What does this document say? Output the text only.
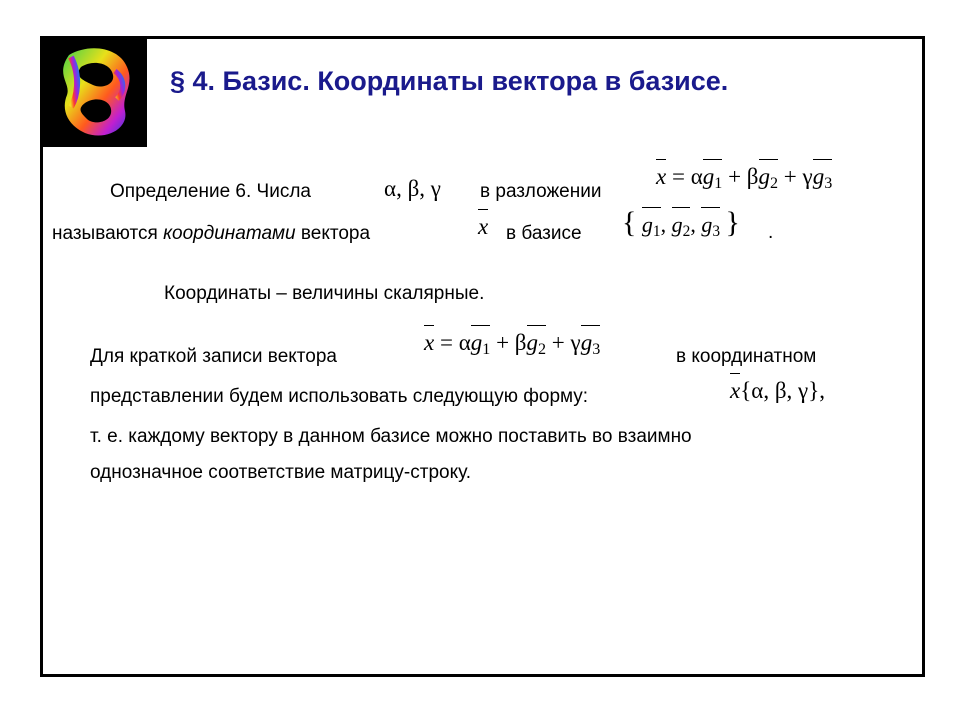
§ 4. Базис. Координаты вектора в базисе.
Определение 6. Числа	α, β, γ в разложении
x = α
$g_1 + \beta$
$g_2 + \gamma$
$g_3$
называются координатами вектора	x в базисе { $g_1$, $g_2$, $g_3$ } .
Координаты – величины скалярные.
Для краткой записи вектора
x = α
$g_1 + \beta$
$g_2 + \gamma$
$g_3$	в координатном
представлении будем использовать следующую форму:	x{α, β, γ},
т. е. каждому вектору в данном базисе можно поставить во взаимно
однозначное соответствие матрицу-строку.
